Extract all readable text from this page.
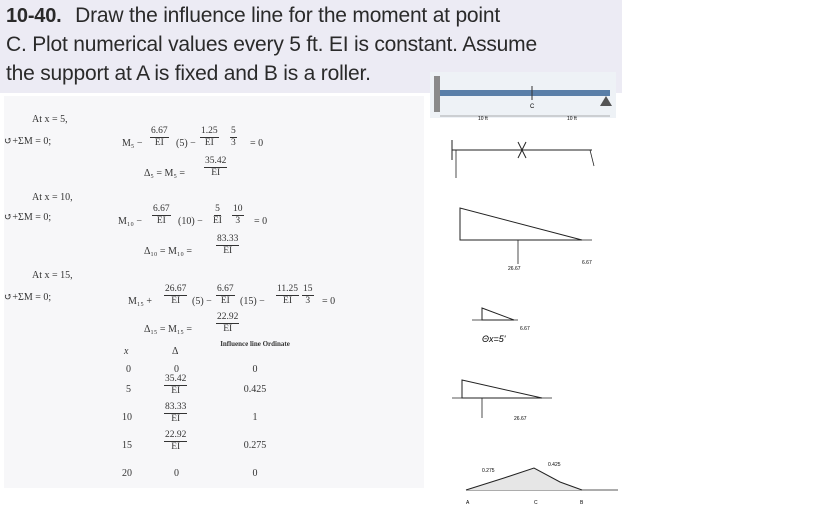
10-40. Draw the influence line for the moment at point
C. Plot numerical values every 5 ft. EI is constant. Assume
the support at A is fixed and B is a roller.
At x = 5,
↺+ΣM = 0;	$M_5 - \frac{6.67}{EI} (5) - \frac{1.25}{EI} \frac{5}{3} = 0$
$\Delta_5 = M_5 = \frac{35.42}{EI}$
At x = 10,
↺+ΣM = 0;	$M_{10} - \frac{6.67}{EI} (10) - \frac{5}{EI} \frac{10}{3} = 0$
Δ₁₀ = M₁₀ =	$\frac{83.33}{EI}$
At x = 15,
↺+ΣM = 0;	$M_{15} + \frac{26.67}{EI} (5) - \frac{6.67}{EI} (15) - \frac{11.25}{EI} \frac{15}{3} = 0$
Δ₁₅ = M₁₅ =	$\frac{22.92}{EI}$
x	Δ
Influence line Ordinate
0	0	0
5	$\frac{35.42}{EI}$	0.425
10	$\frac{83.33}{EI}$	1
15	$\frac{22.92}{EI}$	0.275
20	0	0
C
10 ft	10 ft
26.67
6.67
Θx=5'
6.67
26.67
0.275
0.425
A	C	B
